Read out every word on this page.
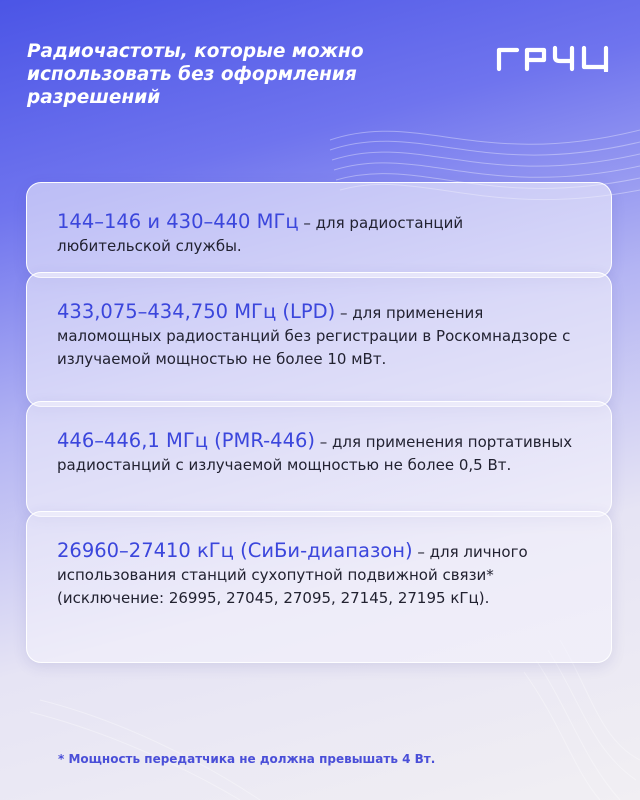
Радиочастоты, которые можно использовать без оформления разрешений
144–146 и 430–440 МГц – для радиостанций любительской службы.
433,075–434,750 МГц (LPD) – для применения маломощных радиостанций без регистрации в Роскомнадзоре с излучаемой мощностью не более 10 мВт.
446–446,1 МГц (PMR-446) – для применения портативных радиостанций с излучаемой мощностью не более 0,5 Вт.
26960–27410 кГц (СиБи-диапазон) – для личного использования станций сухопутной подвижной связи* (исключение: 26995, 27045, 27095, 27145, 27195 кГц).

* Мощность передатчика не должна превышать 4 Вт.
